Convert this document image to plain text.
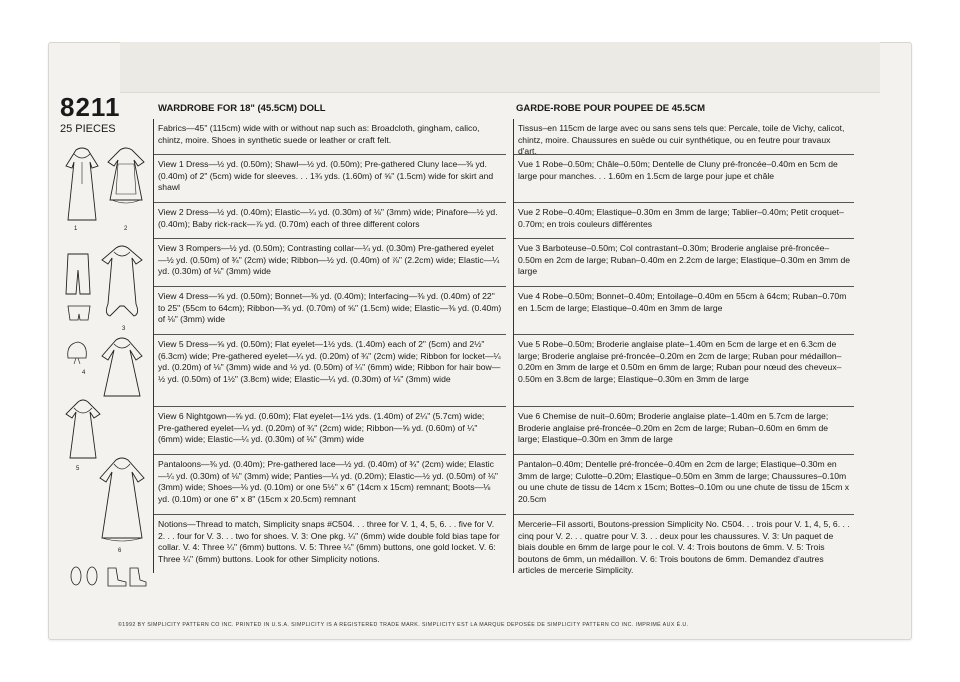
8211
25 PIECES
WARDROBE FOR 18" (45.5CM) DOLL	GARDE-ROBE POUR POUPEE DE 45.5CM
1	2
3
4
5
6
Fabrics—45" (115cm) wide with or without nap such as: Broadcloth, gingham, calico, chintz, moire. Shoes in synthetic suede or leather or craft felt.
View 1 Dress—½ yd. (0.50m); Shawl—½ yd. (0.50m); Pre-gathered Cluny lace—⅜ yd. (0.40m) of 2" (5cm) wide for sleeves. . . 1¾ yds. (1.60m) of ⅝" (1.5cm) wide for skirt and shawl
View 2 Dress—½ yd. (0.40m); Elastic—¼ yd. (0.30m) of ⅛" (3mm) wide; Pinafore—½ yd. (0.40m); Baby rick-rack—⅞ yd. (0.70m) each of three different colors
View 3 Rompers—½ yd. (0.50m); Contrasting collar—¼ yd. (0.30m) Pre-gathered eyelet—½ yd. (0.50m) of ¾" (2cm) wide; Ribbon—½ yd. (0.40m) of ⅞" (2.2cm) wide; Elastic—¼ yd. (0.30m) of ⅛" (3mm) wide
View 4 Dress—⅝ yd. (0.50m); Bonnet—⅜ yd. (0.40m); Interfacing—⅜ yd. (0.40m) of 22" to 25" (55cm to 64cm); Ribbon—¾ yd. (0.70m) of ⅝" (1.5cm) wide; Elastic—⅜ yd. (0.40m) of ⅛" (3mm) wide
View 5 Dress—⅝ yd. (0.50m); Flat eyelet—1½ yds. (1.40m) each of 2" (5cm) and 2½" (6.3cm) wide; Pre-gathered eyelet—¼ yd. (0.20m) of ¾" (2cm) wide; Ribbon for locket—¼ yd. (0.20m) of ⅛" (3mm) wide and ½ yd. (0.50m) of ¼" (6mm) wide; Ribbon for hair bow—½ yd. (0.50m) of 1½" (3.8cm) wide; Elastic—¼ yd. (0.30m) of ⅛" (3mm) wide
View 6 Nightgown—⅝ yd. (0.60m); Flat eyelet—1½ yds. (1.40m) of 2¼" (5.7cm) wide; Pre-gathered eyelet—¼ yd. (0.20m) of ¾" (2cm) wide; Ribbon—⅝ yd. (0.60m) of ¼" (6mm) wide; Elastic—¼ yd. (0.30m) of ⅛" (3mm) wide
Pantaloons—⅜ yd. (0.40m); Pre-gathered lace—½ yd. (0.40m) of ¾" (2cm) wide; Elastic—¼ yd. (0.30m) of ⅛" (3mm) wide; Panties—¼ yd. (0.20m); Elastic—½ yd. (0.50m) of ⅛" (3mm) wide; Shoes—⅛ yd. (0.10m) or one 5½" x 6" (14cm x 15cm) remnant; Boots—⅛ yd. (0.10m) or one 6" x 8" (15cm x 20.5cm) remnant
Notions—Thread to match, Simplicity snaps #C504. . . three for V. 1, 4, 5, 6. . . five for V. 2. . . four for V. 3. . . two for shoes. V. 3: One pkg. ¼" (6mm) wide double fold bias tape for collar. V. 4: Three ¼" (6mm) buttons. V. 5: Three ¼" (6mm) buttons, one gold locket. V. 6: Three ¼" (6mm) buttons. Look for other Simplicity notions.
Tissus–en 115cm de large avec ou sans sens tels que: Percale, toile de Vichy, calicot, chintz, moire. Chaussures en suède ou cuir synthétique, ou en feutre pour travaux d'art.
Vue 1 Robe–0.50m; Châle–0.50m; Dentelle de Cluny pré-froncée–0.40m en 5cm de large pour manches. . . 1.60m en 1.5cm de large pour jupe et châle
Vue 2 Robe–0.40m; Elastique–0.30m en 3mm de large; Tablier–0.40m; Petit croquet–0.70m; en trois couleurs différentes
Vue 3 Barboteuse–0.50m; Col contrastant–0.30m; Broderie anglaise pré-froncée–0.50m en 2cm de large; Ruban–0.40m en 2.2cm de large; Elastique–0.30m en 3mm de large
Vue 4 Robe–0.50m; Bonnet–0.40m; Entoilage–0.40m en 55cm à 64cm; Ruban–0.70m en 1.5cm de large; Elastique–0.40m en 3mm de large
Vue 5 Robe–0.50m; Broderie anglaise plate–1.40m en 5cm de large et en 6.3cm de large; Broderie anglaise pré-froncée–0.20m en 2cm de large; Ruban pour médaillon–0.20m en 3mm de large et 0.50m en 6mm de large; Ruban pour nœud des cheveux–0.50m en 3.8cm de large; Elastique–0.30m en 3mm de large
Vue 6 Chemise de nuit–0.60m; Broderie anglaise plate–1.40m en 5.7cm de large; Broderie anglaise pré-froncée–0.20m en 2cm de large; Ruban–0.60m en 6mm de large; Elastique–0.30m en 3mm de large
Pantalon–0.40m; Dentelle pré-froncée–0.40m en 2cm de large; Elastique–0.30m en 3mm de large; Culotte–0.20m; Elastique–0.50m en 3mm de large; Chaussures–0.10m ou une chute de tissu de 14cm x 15cm; Bottes–0.10m ou une chute de tissu de 15cm x 20.5cm
Mercerie–Fil assorti, Boutons-pression Simplicity No. C504. . . trois pour V. 1, 4, 5, 6. . . cinq pour V. 2. . . quatre pour V. 3. . . deux pour les chaussures. V. 3: Un paquet de biais double en 6mm de large pour le col. V. 4: Trois boutons de 6mm. V. 5: Trois boutons de 6mm, un médaillon. V. 6: Trois boutons de 6mm. Demandez d'autres articles de mercerie Simplicity.
©1992 BY SIMPLICITY PATTERN CO INC. PRINTED IN U.S.A. SIMPLICITY IS A REGISTERED TRADE MARK. SIMPLICITY EST LA MARQUE DEPOSÉE DE SIMPLICITY PATTERN CO INC. IMPRIMÉ AUX É.U.
